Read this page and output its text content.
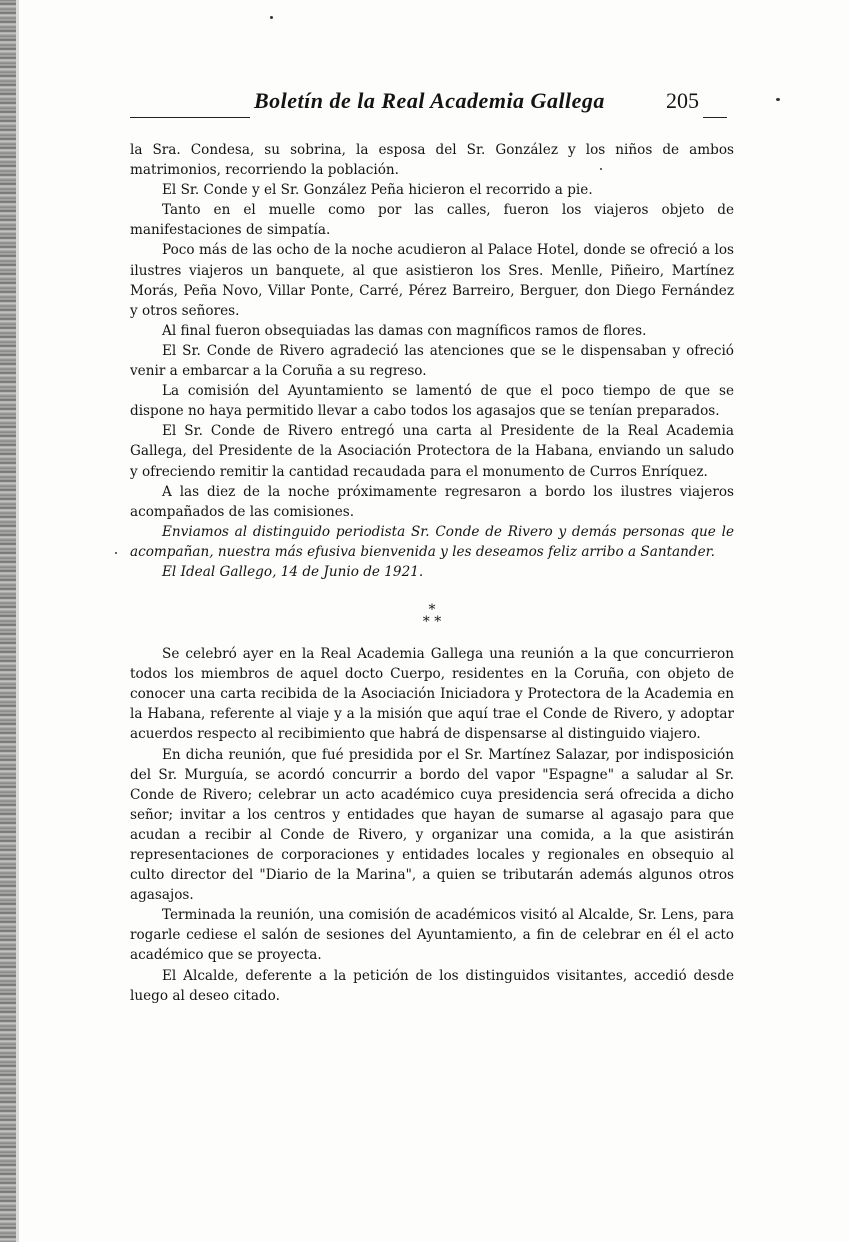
Boletín de la Real Academia Gallega	205

la Sra. Condesa, su sobrina, la esposa del Sr. González y los niños de ambos matrimonios, recorriendo la población.

El Sr. Conde y el Sr. González Peña hicieron el recorrido a pie.

Tanto en el muelle como por las calles, fueron los viajeros objeto de manifestaciones de simpatía.

Poco más de las ocho de la noche acudieron al Palace Hotel, donde se ofreció a los ilustres viajeros un banquete, al que asistieron los Sres. Menlle, Piñeiro, Martínez Morás, Peña Novo, Villar Ponte, Carré, Pérez Barreiro, Berguer, don Diego Fernández y otros señores.

Al final fueron obsequiadas las damas con magníficos ramos de flores.

El Sr. Conde de Rivero agradeció las atenciones que se le dispensaban y ofreció venir a embarcar a la Coruña a su regreso.

La comisión del Ayuntamiento se lamentó de que el poco tiempo de que se dispone no haya permitido llevar a cabo todos los agasajos que se tenían preparados.

El Sr. Conde de Rivero entregó una carta al Presidente de la Real Academia Gallega, del Presidente de la Asociación Protectora de la Habana, enviando un saludo y ofreciendo remitir la cantidad recaudada para el monumento de Curros Enríquez.

A las diez de la noche próximamente regresaron a bordo los ilustres viajeros acompañados de las comisiones.

Enviamos al distinguido periodista Sr. Conde de Rivero y demás personas que le acompañan, nuestra más efusiva bienvenida y les deseamos feliz arribo a Santander.

El Ideal Gallego, 14 de Junio de 1921.

*
* *

Se celebró ayer en la Real Academia Gallega una reunión a la que concurrieron todos los miembros de aquel docto Cuerpo, residentes en la Coruña, con objeto de conocer una carta recibida de la Asociación Iniciadora y Protectora de la Academia en la Habana, referente al viaje y a la misión que aquí trae el Conde de Rivero, y adoptar acuerdos respecto al recibimiento que habrá de dispensarse al distinguido viajero.

En dicha reunión, que fué presidida por el Sr. Martínez Salazar, por indisposición del Sr. Murguía, se acordó concurrir a bordo del vapor "Espagne" a saludar al Sr. Conde de Rivero; celebrar un acto académico cuya presidencia será ofrecida a dicho señor; invitar a los centros y entidades que hayan de sumarse al agasajo para que acudan a recibir al Conde de Rivero, y organizar una comida, a la que asistirán representaciones de corporaciones y entidades locales y regionales en obsequio al culto director del "Diario de la Marina", a quien se tributarán además algunos otros agasajos.

Terminada la reunión, una comisión de académicos visitó al Alcalde, Sr. Lens, para rogarle cediese el salón de sesiones del Ayuntamiento, a fin de celebrar en él el acto académico que se proyecta.

El Alcalde, deferente a la petición de los distinguidos visitantes, accedió desde luego al deseo citado.
